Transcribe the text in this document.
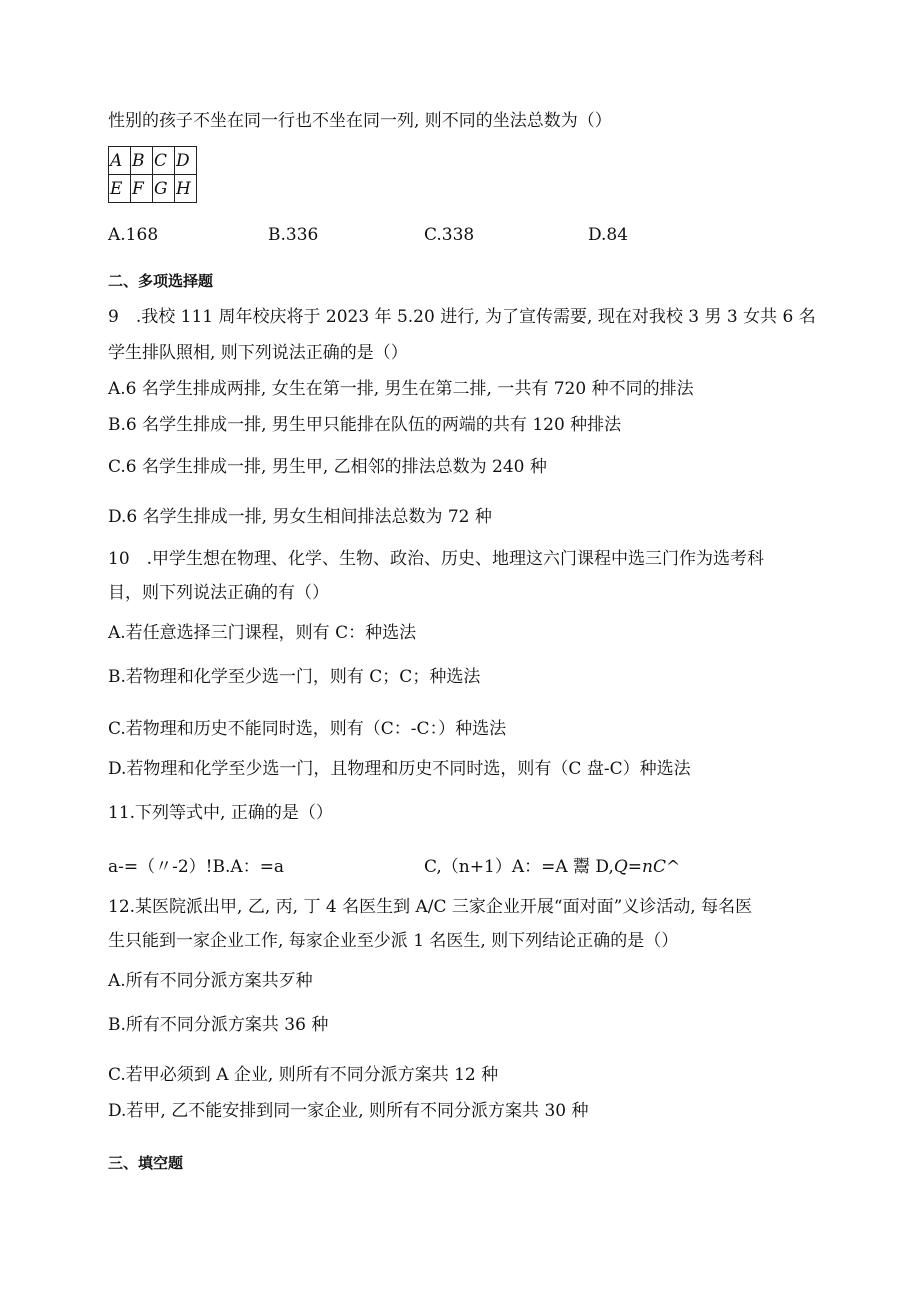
性别的孩子不坐在同一行也不坐在同一列, 则不同的坐法总数为（）
A	B	C	D
E	F	G	H
A.168	B.336	C.338	D.84
二、多项选择题
9　.我校 111 周年校庆将于 2023 年 5.20 进行, 为了宣传需要, 现在对我校 3 男 3 女共 6 名
学生排队照相, 则下列说法正确的是（）
A.6 名学生排成两排, 女生在第一排, 男生在第二排, 一共有 720 种不同的排法
B.6 名学生排成一排, 男生甲只能排在队伍的两端的共有 120 种排法
C.6 名学生排成一排, 男生甲, 乙相邻的排法总数为 240 种
D.6 名学生排成一排, 男女生相间排法总数为 72 种
10　.甲学生想在物理、化学、生物、政治、历史、地理这六门课程中选三门作为选考科
目，则下列说法正确的有（）
A.若任意选择三门课程，则有 C：种选法
B.若物理和化学至少选一门，则有 C；C；种选法
C.若物理和历史不能同时选，则有（C：-C：）种选法
D.若物理和化学至少选一门，且物理和历史不同时选，则有（C 盘-C）种选法
11.下列等式中, 正确的是（）
a-=（〃-2）!B.A：=a	C,（n+1）A：=A 鬻 D,Q=nC^
12.某医院派出甲, 乙, 丙, 丁 4 名医生到 A/C 三家企业开展“面对面”义诊活动, 每名医
生只能到一家企业工作, 每家企业至少派 1 名医生, 则下列结论正确的是（）
A.所有不同分派方案共歹种
B.所有不同分派方案共 36 种
C.若甲必须到 A 企业, 则所有不同分派方案共 12 种
D.若甲, 乙不能安排到同一家企业, 则所有不同分派方案共 30 种
三、填空题
